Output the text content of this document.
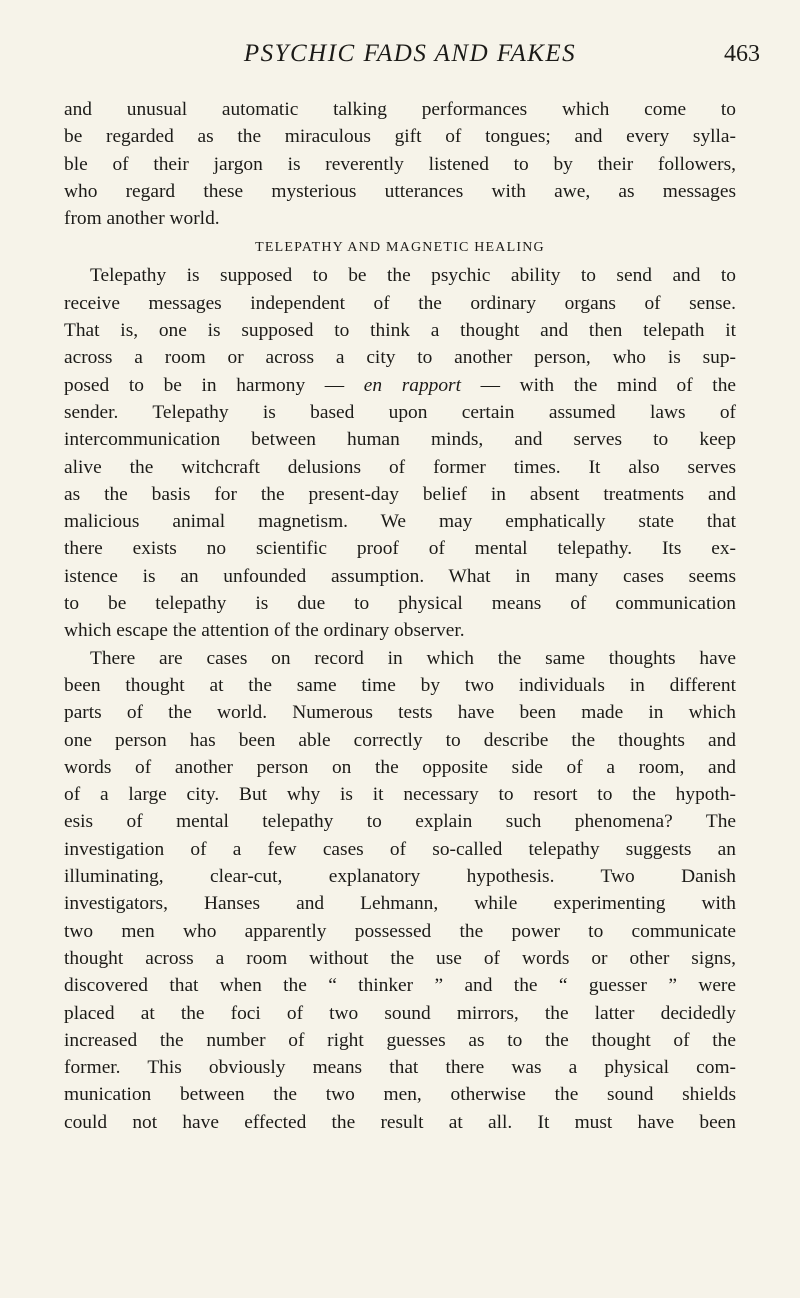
PSYCHIC FADS AND FAKES	463
and unusual automatic talking performances which come to
be regarded as the miraculous gift of tongues; and every sylla-
ble of their jargon is reverently listened to by their followers,
who regard these mysterious utterances with awe, as messages
from another world.
TELEPATHY AND MAGNETIC HEALING
Telepathy is supposed to be the psychic ability to send and to
receive messages independent of the ordinary organs of sense.
That is, one is supposed to think a thought and then telepath it
across a room or across a city to another person, who is sup-
posed to be in harmony — en rapport — with the mind of the
sender. Telepathy is based upon certain assumed laws of
intercommunication between human minds, and serves to keep
alive the witchcraft delusions of former times. It also serves
as the basis for the present-day belief in absent treatments and
malicious animal magnetism. We may emphatically state that
there exists no scientific proof of mental telepathy. Its ex-
istence is an unfounded assumption. What in many cases seems
to be telepathy is due to physical means of communication
which escape the attention of the ordinary observer.
There are cases on record in which the same thoughts have
been thought at the same time by two individuals in different
parts of the world. Numerous tests have been made in which
one person has been able correctly to describe the thoughts and
words of another person on the opposite side of a room, and
of a large city. But why is it necessary to resort to the hypoth-
esis of mental telepathy to explain such phenomena? The
investigation of a few cases of so-called telepathy suggests an
illuminating, clear-cut, explanatory hypothesis. Two Danish
investigators, Hanses and Lehmann, while experimenting with
two men who apparently possessed the power to communicate
thought across a room without the use of words or other signs,
discovered that when the “ thinker ” and the “ guesser ” were
placed at the foci of two sound mirrors, the latter decidedly
increased the number of right guesses as to the thought of the
former. This obviously means that there was a physical com-
munication between the two men, otherwise the sound shields
could not have effected the result at all. It must have been
